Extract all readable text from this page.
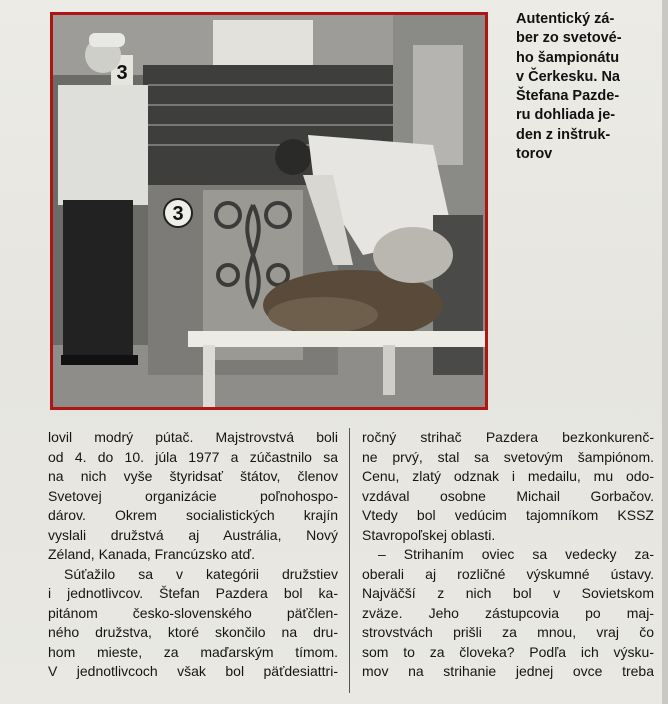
3
3
Autentický zá-
ber zo svetové-
ho šampionátu
v Čerkesku. Na
Štefana Pazde-
ru dohliada je-
den z inštruk-
torov
lovil modrý pútač. Majstrovstvá boli
od 4. do 10. júla 1977 a zúčastnilo sa
na nich vyše štyridsať štátov, členov
Svetovej organizácie poľnohospo-
dárov. Okrem socialistických krajín
vyslali družstvá aj Austrália, Nový
Zéland, Kanada, Francúzsko atď.
Súťažilo sa v kategórii družstiev
i jednotlivcov. Štefan Pazdera bol ka-
pitánom česko-slovenského päťčlen-
ného družstva, ktoré skončilo na dru-
hom mieste, za maďarským tímom.
V jednotlivcoch však bol päťdesiattri-
ročný strihač Pazdera bezkonkurenč-
ne prvý, stal sa svetovým šampiónom.
Cenu, zlatý odznak i medailu, mu odo-
vzdával osobne Michail Gorbačov.
Vtedy bol vedúcim tajomníkom KSSZ
Stavropoľskej oblasti.
– Strihaním oviec sa vedecky za-
oberali aj rozličné výskumné ústavy.
Najväčší z nich bol v Sovietskom
zväze. Jeho zástupcovia po maj-
strovstvách prišli za mnou, vraj čo
som to za človeka? Podľa ich výsku-
mov na strihanie jednej ovce treba
